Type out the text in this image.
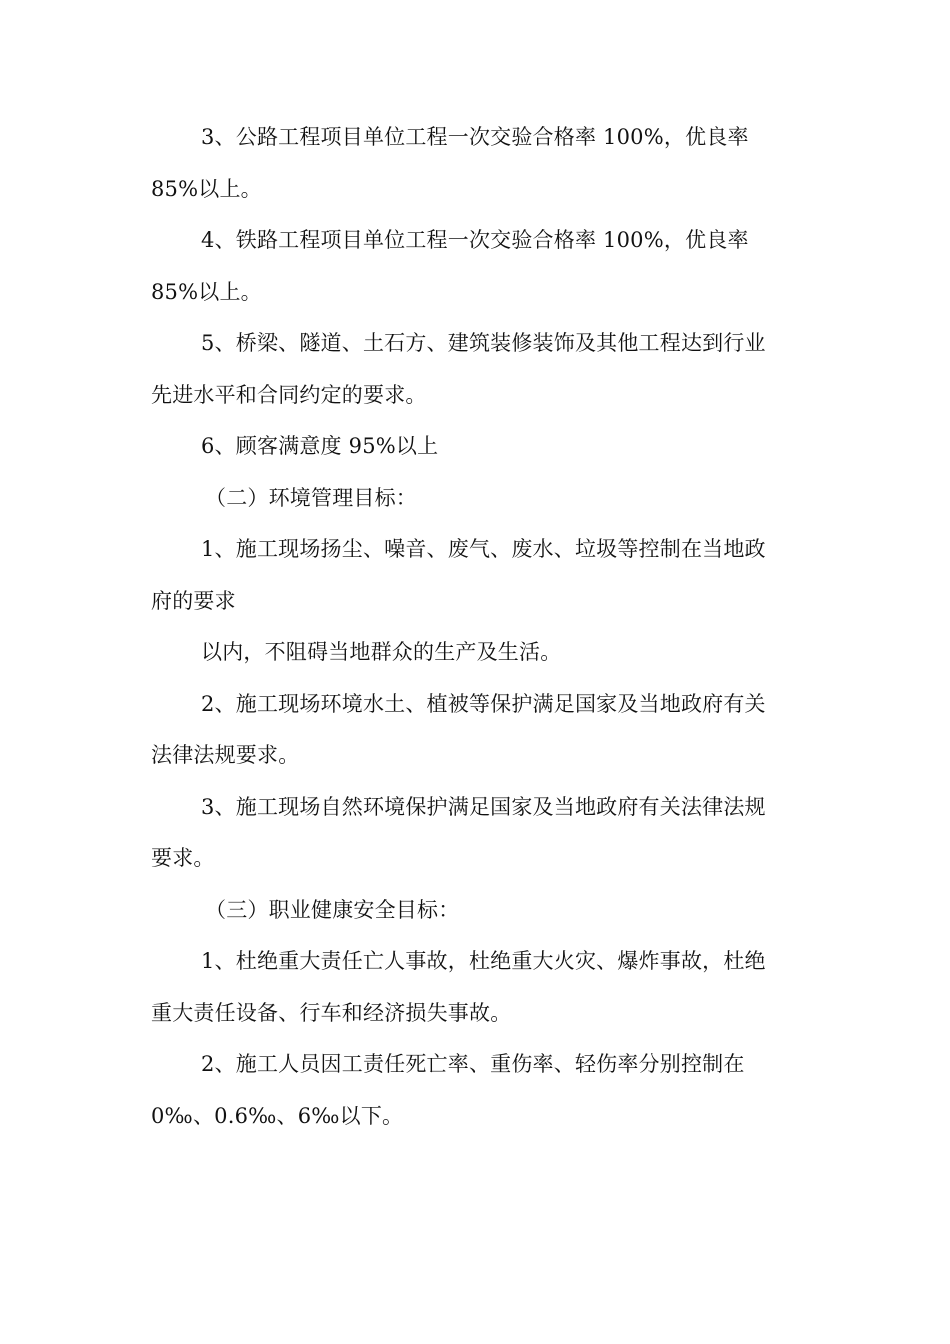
3、公路工程项目单位工程一次交验合格率 100%，优良率
85%以上。
4、铁路工程项目单位工程一次交验合格率 100%，优良率
85%以上。
5、桥梁、隧道、土石方、建筑装修装饰及其他工程达到行业
先进水平和合同约定的要求。
6、顾客满意度 95%以上
（二）环境管理目标：
1、施工现场扬尘、噪音、废气、废水、垃圾等控制在当地政
府的要求
以内，不阻碍当地群众的生产及生活。
2、施工现场环境水土、植被等保护满足国家及当地政府有关
法律法规要求。
3、施工现场自然环境保护满足国家及当地政府有关法律法规
要求。
（三）职业健康安全目标：
1、杜绝重大责任亡人事故，杜绝重大火灾、爆炸事故，杜绝
重大责任设备、行车和经济损失事故。
2、施工人员因工责任死亡率、重伤率、轻伤率分别控制在
0‰、0.6‰、6‰以下。
